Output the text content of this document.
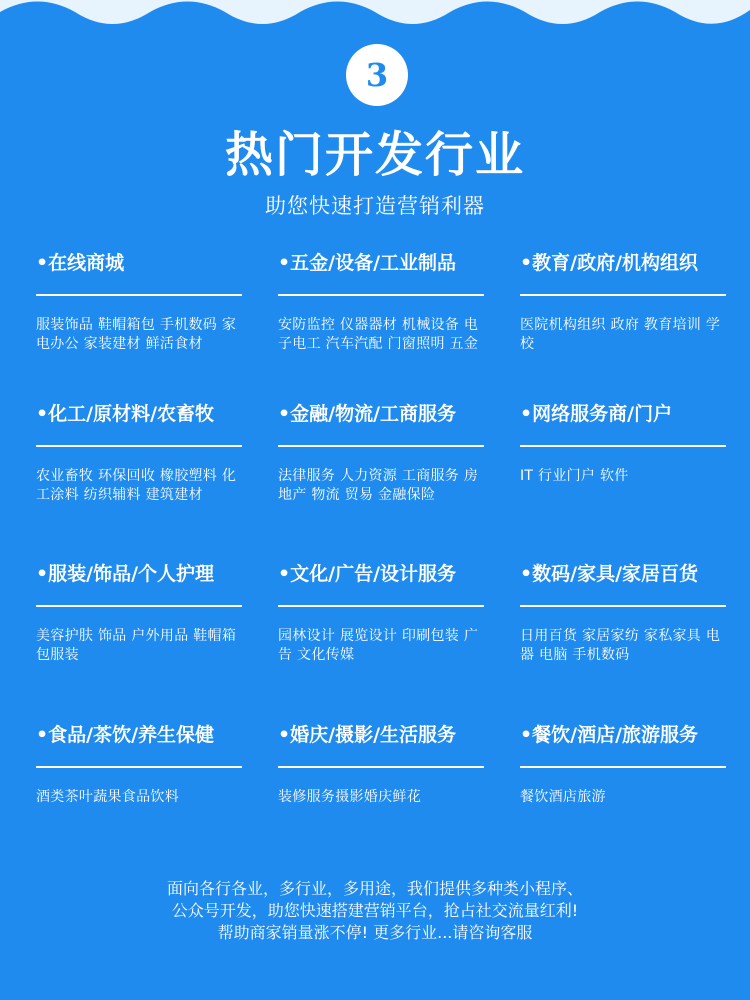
3
热门开发行业
助您快速打造营销利器
•在线商城
服装饰品 鞋帽箱包 手机数码 家电办公 家装建材 鲜活食材
•五金/设备/工业制品
安防监控 仪器器材 机械设备 电子电工 汽车汽配 门窗照明 五金
•教育/政府/机构组织
医院机构组织 政府 教育培训 学校
•化工/原材料/农畜牧
农业畜牧 环保回收 橡胶塑料 化工涂料 纺织辅料 建筑建材
•金融/物流/工商服务
法律服务 人力资源 工商服务 房地产 物流 贸易 金融保险
•网络服务商/门户
IT 行业门户 软件
•服装/饰品/个人护理
美容护肤 饰品 户外用品 鞋帽箱包服装
•文化/广告/设计服务
园林设计 展览设计 印刷包装 广告 文化传媒
•数码/家具/家居百货
日用百货 家居家纺 家私家具 电器 电脑 手机数码
•食品/茶饮/养生保健
酒类茶叶蔬果食品饮料
•婚庆/摄影/生活服务
装修服务摄影婚庆鲜花
•餐饮/酒店/旅游服务
餐饮酒店旅游
面向各行各业，多行业，多用途，我们提供多种类小程序、
公众号开发，助您快速搭建营销平台，抢占社交流量红利!
帮助商家销量涨不停! 更多行业...请咨询客服
